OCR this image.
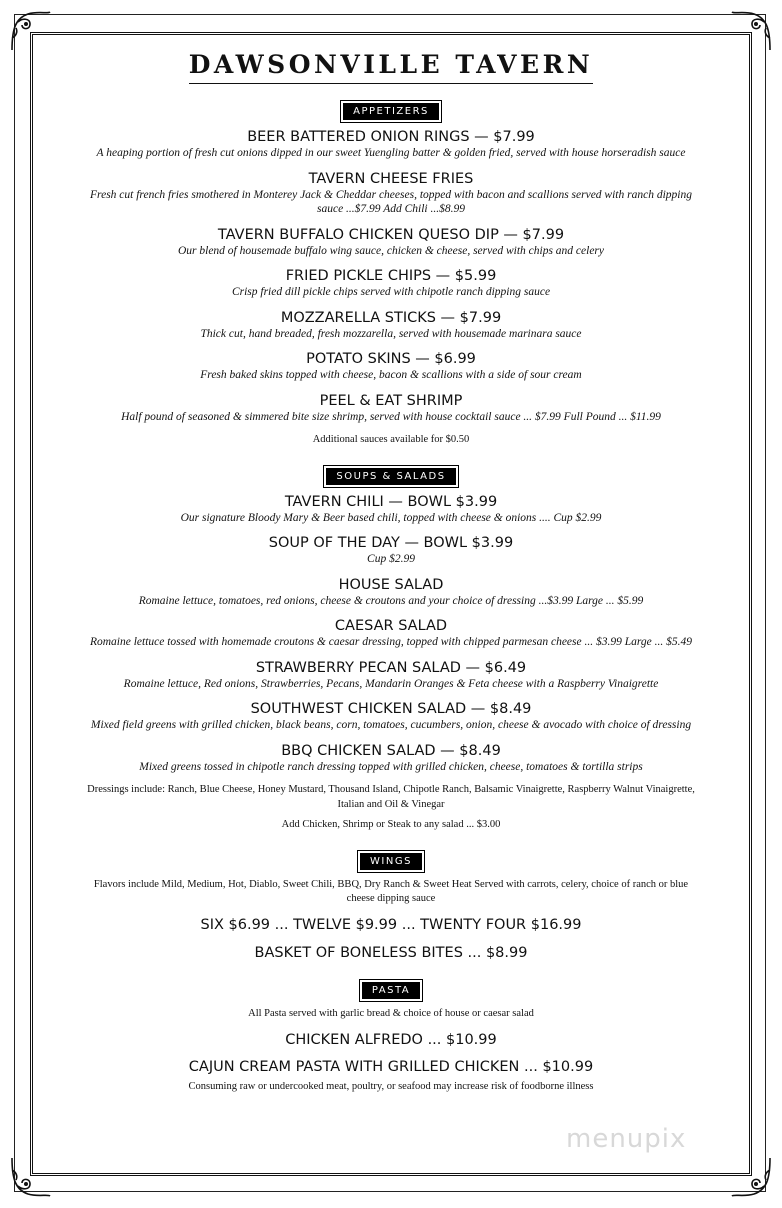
DAWSONVILLE TAVERN
APPETIZERS

BEER BATTERED ONION RINGS — $7.99

A heaping portion of fresh cut onions dipped in our sweet Yuengling batter & golden fried, served with house horseradish sauce

TAVERN CHEESE FRIES

Fresh cut french fries smothered in Monterey Jack & Cheddar cheeses, topped with bacon and scallions served with ranch dipping sauce ...$7.99 Add Chili ...$8.99

TAVERN BUFFALO CHICKEN QUESO DIP — $7.99

Our blend of housemade buffalo wing sauce, chicken & cheese, served with chips and celery

FRIED PICKLE CHIPS — $5.99

Crisp fried dill pickle chips served with chipotle ranch dipping sauce

MOZZARELLA STICKS — $7.99

Thick cut, hand breaded, fresh mozzarella, served with housemade marinara sauce

POTATO SKINS — $6.99

Fresh baked skins topped with cheese, bacon & scallions with a side of sour cream

PEEL & EAT SHRIMP

Half pound of seasoned & simmered bite size shrimp, served with house cocktail sauce ... $7.99 Full Pound ... $11.99

Additional sauces available for $0.50

SOUPS & SALADS

TAVERN CHILI — BOWL $3.99

Our signature Bloody Mary & Beer based chili, topped with cheese & onions .... Cup $2.99

SOUP OF THE DAY — BOWL $3.99

Cup $2.99

HOUSE SALAD

Romaine lettuce, tomatoes, red onions, cheese & croutons and your choice of dressing ...$3.99 Large ... $5.99

CAESAR SALAD

Romaine lettuce tossed with homemade croutons & caesar dressing, topped with chipped parmesan cheese ... $3.99 Large ... $5.49

STRAWBERRY PECAN SALAD — $6.49

Romaine lettuce, Red onions, Strawberries, Pecans, Mandarin Oranges & Feta cheese with a Raspberry Vinaigrette

SOUTHWEST CHICKEN SALAD — $8.49

Mixed field greens with grilled chicken, black beans, corn, tomatoes, cucumbers, onion, cheese & avocado with choice of dressing

BBQ CHICKEN SALAD — $8.49

Mixed greens tossed in chipotle ranch dressing topped with grilled chicken, cheese, tomatoes & tortilla strips

Dressings include: Ranch, Blue Cheese, Honey Mustard, Thousand Island, Chipotle Ranch, Balsamic Vinaigrette, Raspberry Walnut Vinaigrette, Italian and Oil & Vinegar

Add Chicken, Shrimp or Steak to any salad ... $3.00

WINGS

Flavors include Mild, Medium, Hot, Diablo, Sweet Chili, BBQ, Dry Ranch & Sweet Heat Served with carrots, celery, choice of ranch or blue cheese dipping sauce

SIX $6.99 ... TWELVE $9.99 ... TWENTY FOUR $16.99

BASKET OF BONELESS BITES ... $8.99

PASTA

All Pasta served with garlic bread & choice of house or caesar salad

CHICKEN ALFREDO ... $10.99

CAJUN CREAM PASTA WITH GRILLED CHICKEN ... $10.99

Consuming raw or undercooked meat, poultry, or seafood may increase risk of foodborne illness

menupix
